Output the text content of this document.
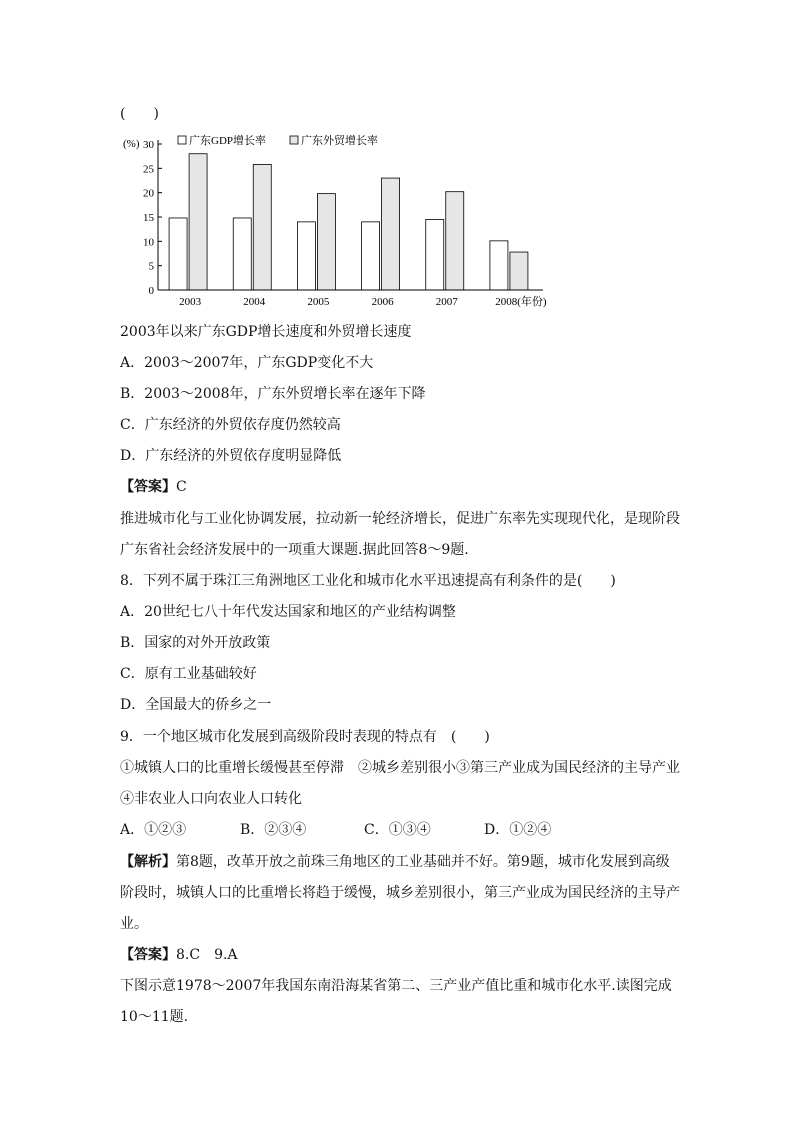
(　　)
(%)	广东GDP增长率	广东外贸增长率
0
5
10
15
20
25
30
2003	2004	2005	2006	2007	2008(年份)
2003年以来广东GDP增长速度和外贸增长速度
A．2003～2007年，广东GDP变化不大
B．2003～2008年，广东外贸增长率在逐年下降
C．广东经济的外贸依存度仍然较高
D．广东经济的外贸依存度明显降低
【答案】C
推进城市化与工业化协调发展，拉动新一轮经济增长，促进广东率先实现现代化，是现阶段
广东省社会经济发展中的一项重大课题.据此回答8～9题.
8．下列不属于珠江三角洲地区工业化和城市化水平迅速提高有利条件的是(　　)
A．20世纪七八十年代发达国家和地区的产业结构调整
B．国家的对外开放政策
C．原有工业基础较好
D．全国最大的侨乡之一
9．一个地区城市化发展到高级阶段时表现的特点有　(　　)
①城镇人口的比重增长缓慢甚至停滞　②城乡差别很小③第三产业成为国民经济的主导产业
④非农业人口向农业人口转化
A．①②③	B．②③④	C．①③④	D．①②④
【解析】第8题，改革开放之前珠三角地区的工业基础并不好。第9题，城市化发展到高级
阶段时，城镇人口的比重增长将趋于缓慢，城乡差别很小，第三产业成为国民经济的主导产
业。
【答案】8.C　9.A
下图示意1978～2007年我国东南沿海某省第二、三产业产值比重和城市化水平.读图完成
10～11题.
